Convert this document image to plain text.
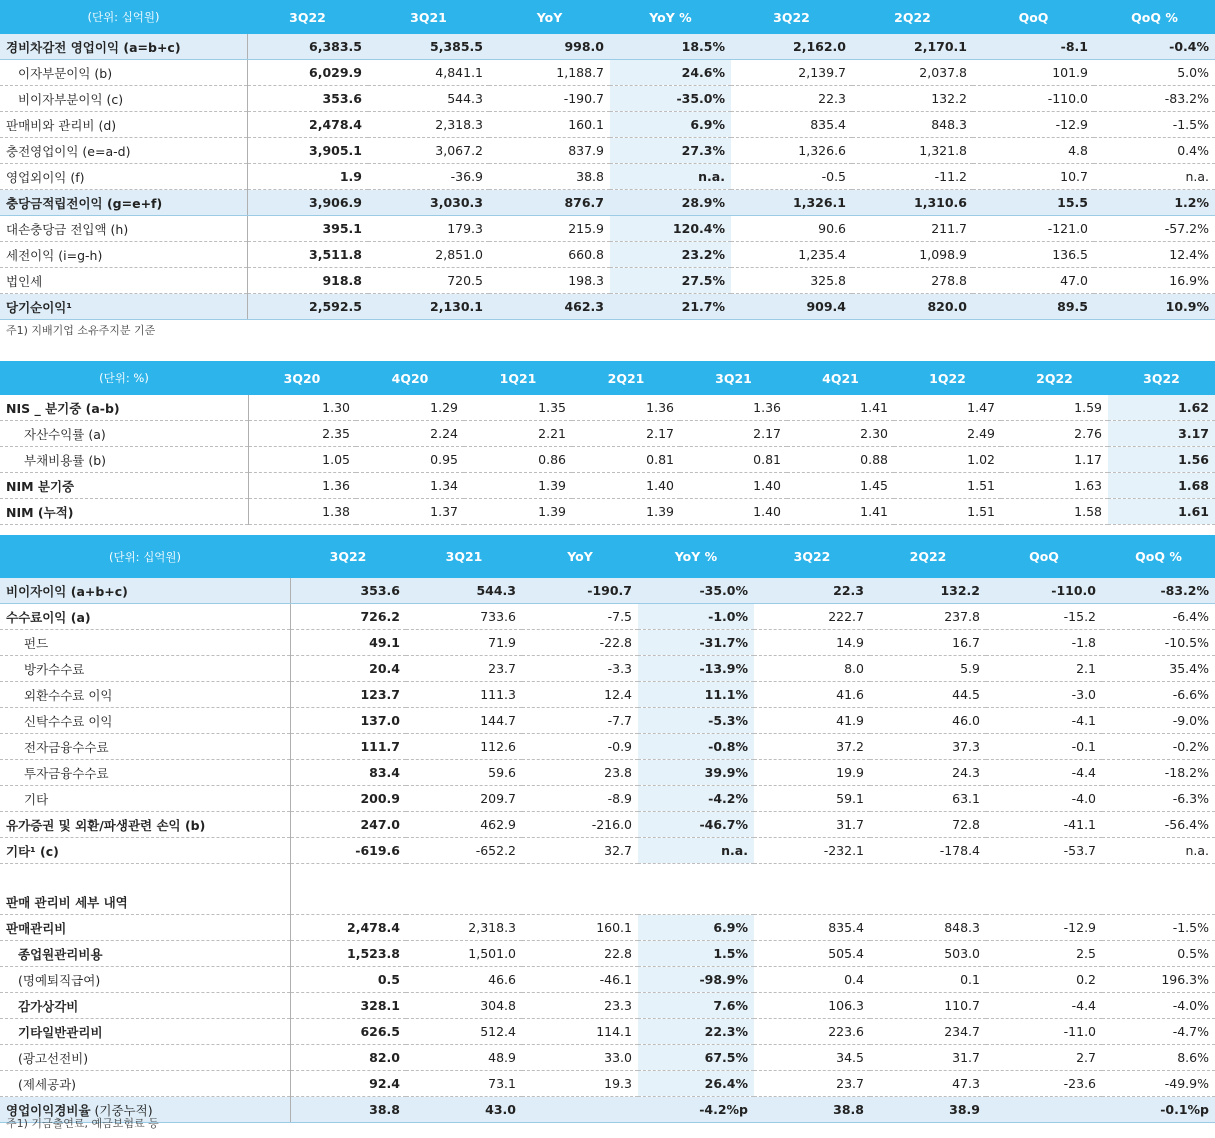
(단위: 십억원)	3Q22	3Q21	YoY	YoY %	3Q22	2Q22	QoQ	QoQ %
경비차감전 영업이익 (a=b+c)	6,383.5	5,385.5	998.0	18.5%	2,162.0	2,170.1	-8.1	-0.4%
이자부문이익 (b)	6,029.9	4,841.1	1,188.7	24.6%	2,139.7	2,037.8	101.9	5.0%
비이자부분이익 (c)	353.6	544.3	-190.7	-35.0%	22.3	132.2	-110.0	-83.2%
판매비와 관리비 (d)	2,478.4	2,318.3	160.1	6.9%	835.4	848.3	-12.9	-1.5%
충전영업이익 (e=a-d)	3,905.1	3,067.2	837.9	27.3%	1,326.6	1,321.8	4.8	0.4%
영업외이익 (f)	1.9	-36.9	38.8	n.a.	-0.5	-11.2	10.7	n.a.
충당금적립전이익 (g=e+f)	3,906.9	3,030.3	876.7	28.9%	1,326.1	1,310.6	15.5	1.2%
대손충당금 전입액 (h)	395.1	179.3	215.9	120.4%	90.6	211.7	-121.0	-57.2%
세전이익 (i=g-h)	3,511.8	2,851.0	660.8	23.2%	1,235.4	1,098.9	136.5	12.4%
법인세	918.8	720.5	198.3	27.5%	325.8	278.8	47.0	16.9%
당기순이익¹	2,592.5	2,130.1	462.3	21.7%	909.4	820.0	89.5	10.9%
주1) 지배기업 소유주지분 기준
(단위: %)	3Q20	4Q20	1Q21	2Q21	3Q21	4Q21	1Q22	2Q22	3Q22
NIS _ 분기중 (a-b)	1.30	1.29	1.35	1.36	1.36	1.41	1.47	1.59	1.62
자산수익률 (a)	2.35	2.24	2.21	2.17	2.17	2.30	2.49	2.76	3.17
부채비용률 (b)	1.05	0.95	0.86	0.81	0.81	0.88	1.02	1.17	1.56
NIM 분기중	1.36	1.34	1.39	1.40	1.40	1.45	1.51	1.63	1.68
NIM (누적)	1.38	1.37	1.39	1.39	1.40	1.41	1.51	1.58	1.61
(단위: 십억원)	3Q22	3Q21	YoY	YoY %	3Q22	2Q22	QoQ	QoQ %
비이자이익 (a+b+c)	353.6	544.3	-190.7	-35.0%	22.3	132.2	-110.0	-83.2%
수수료이익 (a)	726.2	733.6	-7.5	-1.0%	222.7	237.8	-15.2	-6.4%
펀드	49.1	71.9	-22.8	-31.7%	14.9	16.7	-1.8	-10.5%
방카수수료	20.4	23.7	-3.3	-13.9%	8.0	5.9	2.1	35.4%
외환수수료 이익	123.7	111.3	12.4	11.1%	41.6	44.5	-3.0	-6.6%
신탁수수료 이익	137.0	144.7	-7.7	-5.3%	41.9	46.0	-4.1	-9.0%
전자금융수수료	111.7	112.6	-0.9	-0.8%	37.2	37.3	-0.1	-0.2%
투자금융수수료	83.4	59.6	23.8	39.9%	19.9	24.3	-4.4	-18.2%
기타	200.9	209.7	-8.9	-4.2%	59.1	63.1	-4.0	-6.3%
유가증권 및 외환/파생관련 손익 (b)	247.0	462.9	-216.0	-46.7%	31.7	72.8	-41.1	-56.4%
기타¹ (c)	-619.6	-652.2	32.7	n.a.	-232.1	-178.4	-53.7	n.a.

판매 관리비 세부 내역								
판매관리비	2,478.4	2,318.3	160.1	6.9%	835.4	848.3	-12.9	-1.5%
종업원관리비용	1,523.8	1,501.0	22.8	1.5%	505.4	503.0	2.5	0.5%
(명예퇴직급여)	0.5	46.6	-46.1	-98.9%	0.4	0.1	0.2	196.3%
감가상각비	328.1	304.8	23.3	7.6%	106.3	110.7	-4.4	-4.0%
기타일반관리비	626.5	512.4	114.1	22.3%	223.6	234.7	-11.0	-4.7%
(광고선전비)	82.0	48.9	33.0	67.5%	34.5	31.7	2.7	8.6%
(제세공과)	92.4	73.1	19.3	26.4%	23.7	47.3	-23.6	-49.9%
영업이익경비율 (기중누적)	38.8	43.0		-4.2%p	38.8	38.9		-0.1%p
주1) 기금출연료, 예금보험료 등
